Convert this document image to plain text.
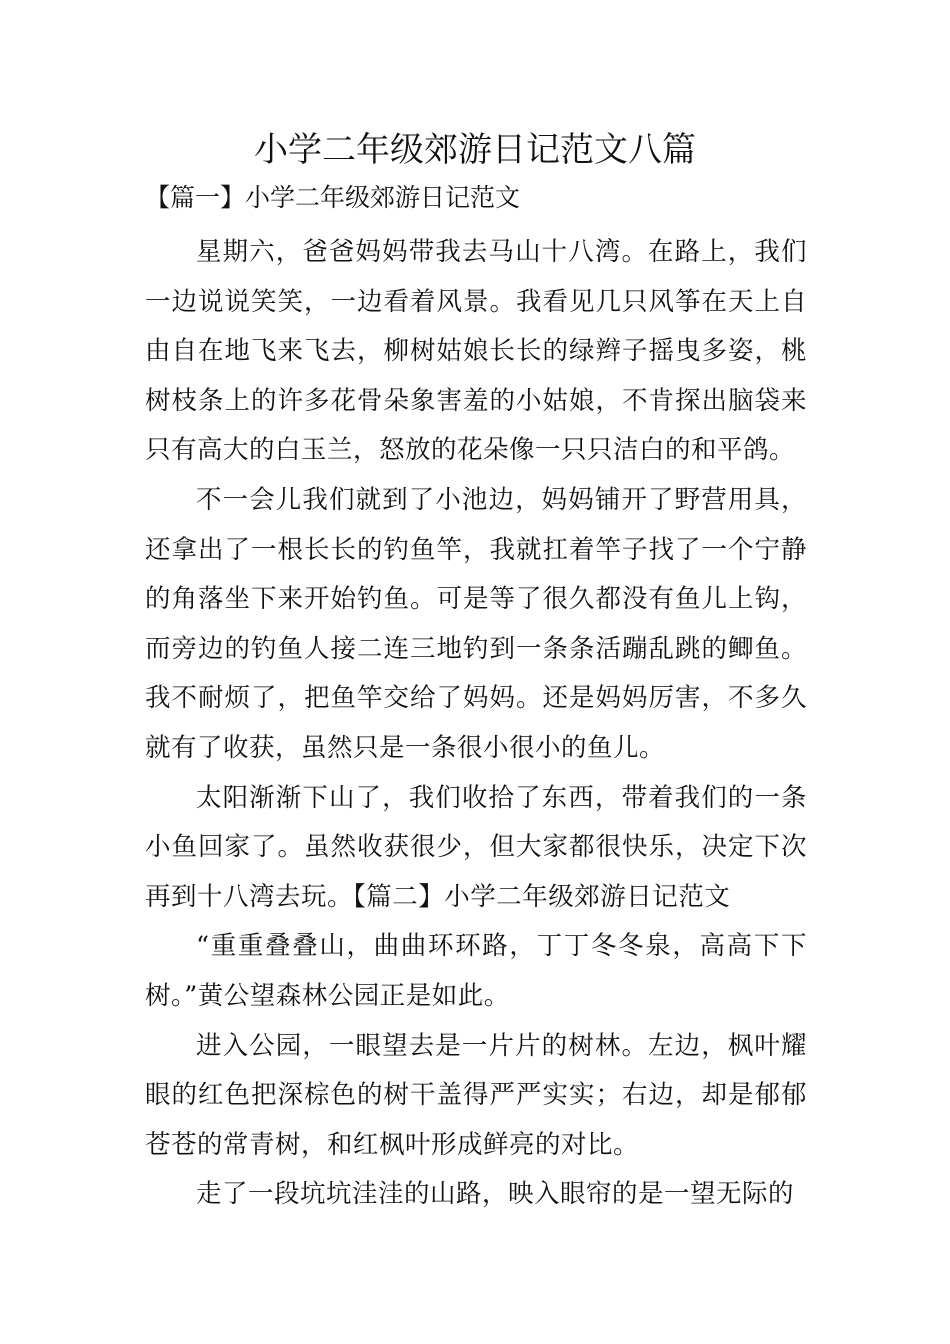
小学二年级郊游日记范文八篇

【篇一】小学二年级郊游日记范文

星期六，爸爸妈妈带我去马山十八湾。在路上，我们一边说说笑笑，一边看着风景。我看见几只风筝在天上自由自在地飞来飞去，柳树姑娘长长的绿辫子摇曳多姿，桃树枝条上的许多花骨朵象害羞的小姑娘，不肯探出脑袋来只有高大的白玉兰，怒放的花朵像一只只洁白的和平鸽。

不一会儿我们就到了小池边，妈妈铺开了野营用具，还拿出了一根长长的钓鱼竿，我就扛着竿子找了一个宁静的角落坐下来开始钓鱼。可是等了很久都没有鱼儿上钩，而旁边的钓鱼人接二连三地钓到一条条活蹦乱跳的鲫鱼。我不耐烦了，把鱼竿交给了妈妈。还是妈妈厉害，不多久就有了收获，虽然只是一条很小很小的鱼儿。

太阳渐渐下山了，我们收拾了东西，带着我们的一条小鱼回家了。虽然收获很少，但大家都很快乐，决定下次再到十八湾去玩。【篇二】小学二年级郊游日记范文

“重重叠叠山，曲曲环环路，丁丁冬冬泉，高高下下树。”黄公望森林公园正是如此。

进入公园，一眼望去是一片片的树林。左边，枫叶耀眼的红色把深棕色的树干盖得严严实实；右边，却是郁郁苍苍的常青树，和红枫叶形成鲜亮的对比。

走了一段坑坑洼洼的山路，映入眼帘的是一望无际的
